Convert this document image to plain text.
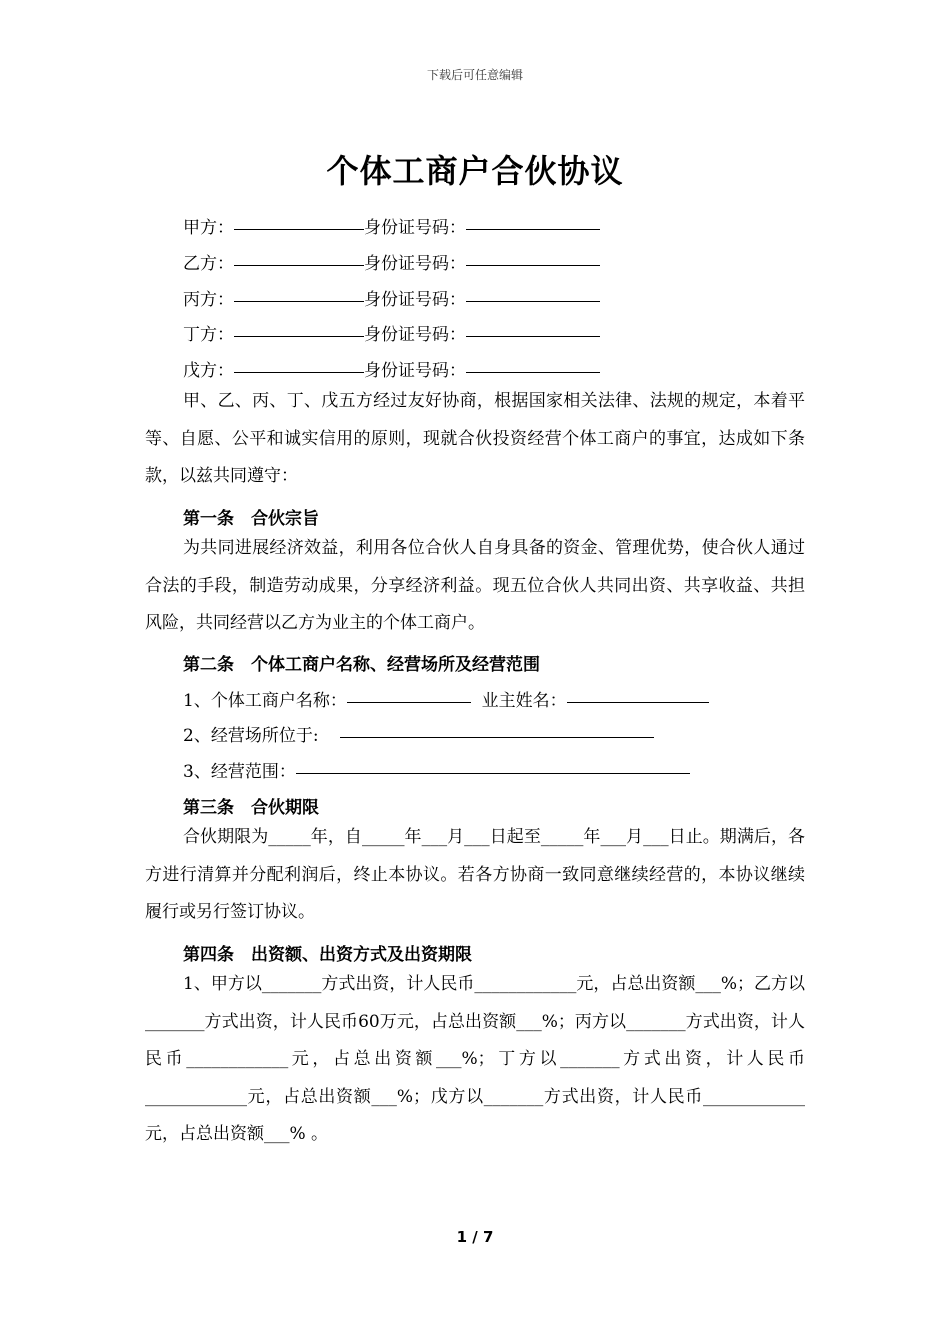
下载后可任意编辑
个体工商户合伙协议
甲方：	身份证号码：
乙方：	身份证号码：
丙方：	身份证号码：
丁方：	身份证号码：
戊方：	身份证号码：
甲、乙、丙、丁、戊五方经过友好协商，根据国家相关法律、法规的规定，本着平等、自愿、公平和诚实信用的原则，现就合伙投资经营个体工商户的事宜，达成如下条款，以兹共同遵守：
第一条　合伙宗旨
为共同进展经济效益，利用各位合伙人自身具备的资金、管理优势，使合伙人通过合法的手段，制造劳动成果，分享经济利益。现五位合伙人共同出资、共享收益、共担风险，共同经营以乙方为业主的个体工商户。
第二条　个体工商户名称、经营场所及经营范围
1、个体工商户名称：	业主姓名：
2、经营场所位于:
3、经营范围：
第三条　合伙期限
合伙期限为_____年，自_____年___月___日起至_____年___月___日止。期满后，各方进行清算并分配利润后，终止本协议。若各方协商一致同意继续经营的，本协议继续履行或另行签订协议。
第四条　出资额、出资方式及出资期限
1、甲方以_______方式出资，计人民币____________元，占总出资额___%；乙方以_______方式出资，计人民币60万元，占总出资额___%；丙方以_______方式出资，计人民币____________元，占总出资额___%；丁方以_______方式出资，计人民币____________元，占总出资额___%；戊方以_______方式出资，计人民币____________元，占总出资额___% 。
1 / 7
